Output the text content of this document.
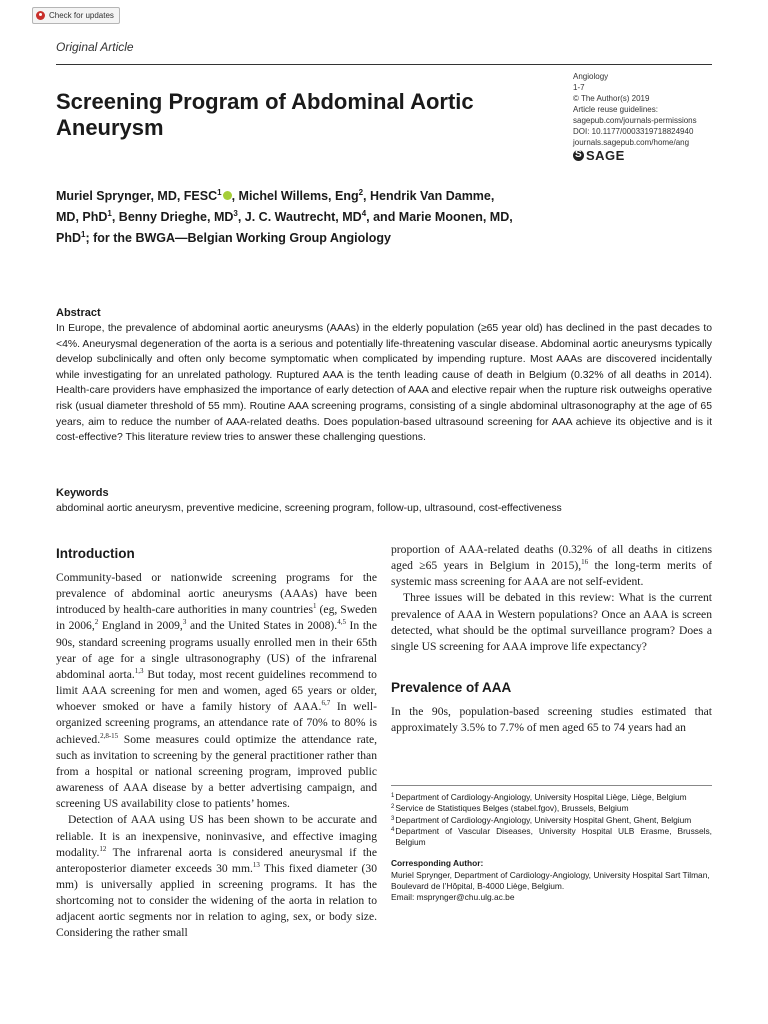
Check for updates
Original Article
Angiology
1-7
© The Author(s) 2019
Article reuse guidelines:
sagepub.com/journals-permissions
DOI: 10.1177/0003319718824940
journals.sagepub.com/home/ang
S
SAGE
Screening Program of Abdominal Aortic Aneurysm
Muriel Sprynger, MD, FESC$^1$ , Michel Willems, Eng$^2$, Hendrik Van Damme, MD, PhD$^1$, Benny Drieghe, $MD^3$, J. C. Wautrecht, $MD^4$, and Marie Moonen, MD, PhD$^1$; for the BWGA—Belgian Working Group Angiology
Abstract
In Europe, the prevalence of abdominal aortic aneurysms (AAAs) in the elderly population (≥65 year old) has declined in the past decades to <4%. Aneurysmal degeneration of the aorta is a serious and potentially life-threatening vascular disease. Abdominal aortic aneurysms typically develop subclinically and often only become symptomatic when complicated by impending rupture. Most AAAs are discovered incidentally while investigating for an unrelated pathology. Ruptured AAA is the tenth leading cause of death in Belgium (0.32% of all deaths in 2014). Health-care providers have emphasized the importance of early detection of AAA and elective repair when the rupture risk outweighs operative risk (usual diameter threshold of 55 mm). Routine AAA screening programs, consisting of a single abdominal ultrasonography at the age of 65 years, aim to reduce the number of AAA-related deaths. Does population-based ultrasound screening for AAA achieve its objective and is it cost-effective? This literature review tries to answer these challenging questions.
Keywords
abdominal aortic aneurysm, preventive medicine, screening program, follow-up, ultrasound, cost-effectiveness
Introduction

Community-based or nationwide screening programs for the prevalence of abdominal aortic aneurysms (AAAs) have been introduced by health-care authorities in many countries$^1$ (eg, Sweden in 2006,$^2$ England in 2009,$^3$ and the United States in 2008).$^{4,5}$ In the 90s, standard screening programs usually enrolled men in their 65th year of age for a single ultrasonography (US) of the infrarenal abdominal aorta.$^{1,3}$ But today, most recent guidelines recommend to limit AAA screening for men and women, aged 65 years or older, whoever smoked or have a family history of AAA.$^{6,7}$ In well-organized screening programs, an attendance rate of 70% to 80% is achieved.$^{2,8-15}$ Some measures could optimize the attendance rate, such as invitation to screening by the general practitioner rather than from a hospital or national screening program, improved public awareness of AAA disease by a better advertising campaign, and screening US availability close to patients’ homes.

Detection of AAA using US has been shown to be accurate and reliable. It is an inexpensive, noninvasive, and effective imaging modality.$^{12}$ The infrarenal aorta is considered aneurysmal if the anteroposterior diameter exceeds 30 mm.$^{13}$ This fixed diameter (30 mm) is universally applied in screening programs. It has the shortcoming not to consider the widening of the aorta in relation to adjacent aortic segments nor in relation to aging, sex, or body size. Considering the rather small

proportion of AAA-related deaths (0.32% of all deaths in citizens aged ≥65 years in Belgium in 2015),$^{16}$ the long-term merits of systemic mass screening for AAA are not self-evident.

Three issues will be debated in this review: What is the current prevalence of AAA in Western populations? Once an AAA is screen detected, what should be the optimal surveillance program? Does a single US screening for AAA improve life expectancy?

Prevalence of AAA

In the 90s, population-based screening studies estimated that approximately 3.5% to 7.7% of men aged 65 to 74 years had an

1 Department of Cardiology-Angiology, University Hospital Liège, Liège, Belgium
2 Service de Statistiques Belges (stabel.fgov), Brussels, Belgium
3 Department of Cardiology-Angiology, University Hospital Ghent, Ghent, Belgium
4 Department of Vascular Diseases, University Hospital ULB Erasme, Brussels, Belgium
Corresponding Author:
Muriel Sprynger, Department of Cardiology-Angiology, University Hospital Sart Tilman, Boulevard de l’Hôpital, B-4000 Liège, Belgium.
Email: msprynger@chu.ulg.ac.be
